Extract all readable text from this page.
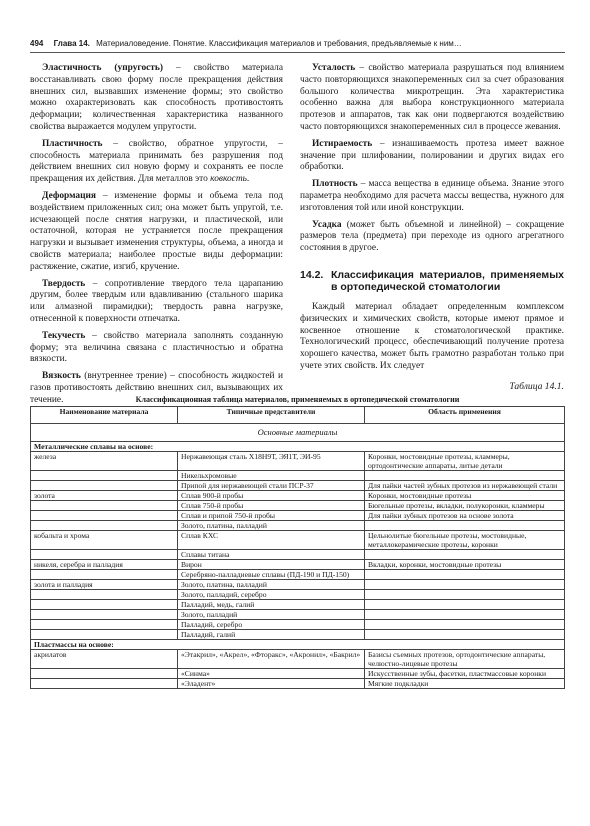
494 Глава 14. Материаловедение. Понятие. Классификация материалов и требования, предъявляемые к ним…

Эластичность (упругость) – свойство материала восстанавливать свою форму после прекращения действия внешних сил, вызвавших изменение формы; это свойство можно охарактеризовать как способность противостоять деформации; количественная характеристика названного свойства выражается модулем упругости.

Пластичность – свойство, обратное упругости, – способность материала принимать без разрушения под действием внешних сил новую форму и сохранять ее после прекращения их действия. Для металлов это ковкость.

Деформация – изменение формы и объема тела под воздействием приложенных сил; она может быть упругой, т.е. исчезающей после снятия нагрузки, и пластической, или остаточной, которая не устраняется после прекращения нагрузки и вызывает изменения структуры, объема, а иногда и свойств материала; наиболее простые виды деформации: растяжение, сжатие, изгиб, кручение.

Твердость – сопротивление твердого тела царапанию другим, более твердым или вдавливанию (стального шарика или алмазной пирамидки); твердость равна нагрузке, отнесенной к поверхности отпечатка.

Текучесть – свойство материала заполнять созданную форму; эта величина связана с пластичностью и обратна вязкости.

Вязкость (внутреннее трение) – способность жидкостей и газов противостоять действию внешних сил, вызывающих их течение.

Усталость – свойство материала разрушаться под влиянием часто повторяющихся знакопеременных сил за счет образования большого количества микротрещин. Эта характеристика особенно важна для выбора конструкционного материала протезов и аппаратов, так как они подвергаются воздействию часто повторяющихся знакопеременных сил в процессе жевания.

Истираемость – изнашиваемость протеза имеет важное значение при шлифовании, полировании и других видах его обработки.

Плотность – масса вещества в единице объема. Знание этого параметра необходимо для расчета массы вещества, нужного для изготовления той или иной конструкции.

Усадка (может быть объемной и линейной) – сокращение размеров тела (предмета) при переходе из одного агрегатного состояния в другое.

14.2. Классификация материалов, применяемых в ортопедической стоматологии

Каждый материал обладает определенным комплексом физических и химических свойств, которые имеют прямое и косвенное отношение к стоматологической практике. Технологический процесс, обеспечивающий получение протеза хорошего качества, может быть грамотно разработан только при учете этих свойств. Их следует

Таблица 14.1.
Классификационная таблица материалов, применяемых в ортопедической стоматологии
Наименование материала	Типичные представители	Область применения
Основные материалы		
Металлические сплавы на основе:		
железа	Нержавеющая сталь Х18Н9Т, ЭЯ1Т, ЭИ-95	Коронки, мостовидные протезы, кламмеры, ортодонтические аппараты, литые детали
	Никельхромовые	
	Припой для нержавеющей стали ПСР-37	Для пайки частей зубных протезов из нержавеющей стали
золота	Сплав 900-й пробы	Коронки, мостовидные протезы
	Сплав 750-й пробы	Бюгельные протезы, вкладки, полукоронки, кламмеры
	Сплав и припой 750-й пробы	Для пайки зубных протезов на основе золота
	Золото, платина, палладий	
кобальта и хрома	Сплав КХС	Цельнолитые бюгельные протезы, мостовидные, металлокерамические протезы, коронки
	Сплавы титана	
никеля, серебра и палладия	Вирон	Вкладки, коронки, мостовидные протезы
	Серебряно-палладиевые сплавы (ПД-190 и ПД-150)	
золота и палладия	Золото, платина, палладий	
	Золото, палладий, серебро	
	Палладий, медь, галий	
	Золото, палладий	
	Палладий, серебро	
	Палладий, галий	
Пластмассы на основе:		
акрилатов	«Этакрил», «Акрел», «Фторакс», «Акронил», «Бакрил»	Базисы съемных протезов, ортодонтические аппараты, челюстно-лицевые протезы
	«Синма»	Искусственные зубы, фасетки, пластмассовые коронки
	«Эладент»	Мягкие подкладки
